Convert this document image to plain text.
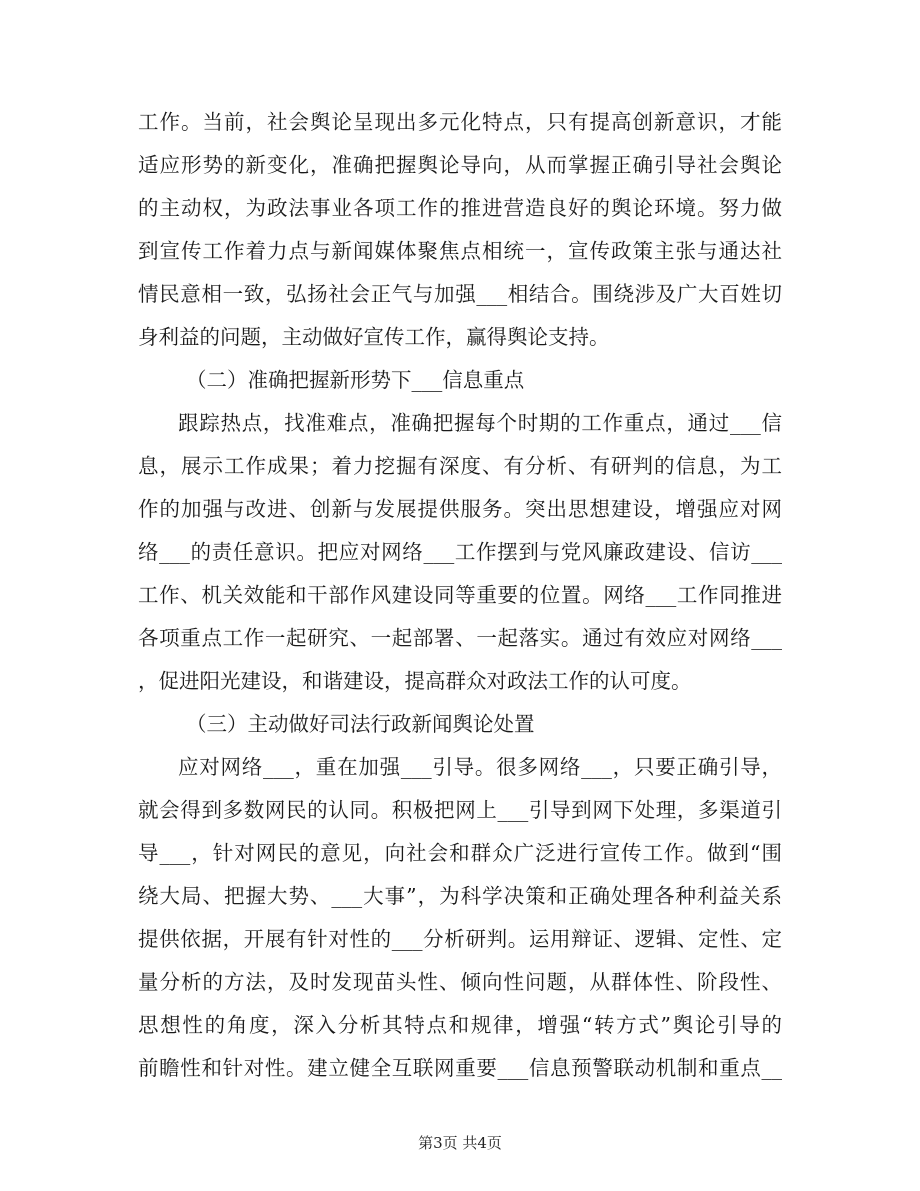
工作。当前，社会舆论呈现出多元化特点，只有提高创新意识，才能
适应形势的新变化，准确把握舆论导向，从而掌握正确引导社会舆论
的主动权，为政法事业各项工作的推进营造良好的舆论环境。努力做
到宣传工作着力点与新闻媒体聚焦点相统一，宣传政策主张与通达社
情民意相一致，弘扬社会正气与加强___相结合。围绕涉及广大百姓切
身利益的问题，主动做好宣传工作，赢得舆论支持。
（二）准确把握新形势下___信息重点
跟踪热点，找准难点，准确把握每个时期的工作重点，通过___信
息，展示工作成果；着力挖掘有深度、有分析、有研判的信息，为工
作的加强与改进、创新与发展提供服务。突出思想建设，增强应对网
络___的责任意识。把应对网络___工作摆到与党风廉政建设、信访___
工作、机关效能和干部作风建设同等重要的位置。网络___工作同推进
各项重点工作一起研究、一起部署、一起落实。通过有效应对网络___
，促进阳光建设，和谐建设，提高群众对政法工作的认可度。
（三）主动做好司法行政新闻舆论处置
应对网络___，重在加强___引导。很多网络___，只要正确引导，
就会得到多数网民的认同。积极把网上___引导到网下处理，多渠道引
导___，针对网民的意见，向社会和群众广泛进行宣传工作。做到“围
绕大局、把握大势、___大事”，为科学决策和正确处理各种利益关系
提供依据，开展有针对性的___分析研判。运用辩证、逻辑、定性、定
量分析的方法，及时发现苗头性、倾向性问题，从群体性、阶段性、
思想性的角度，深入分析其特点和规律，增强“转方式”舆论引导的
前瞻性和针对性。建立健全互联网重要___信息预警联动机制和重点__
第3页 共4页
